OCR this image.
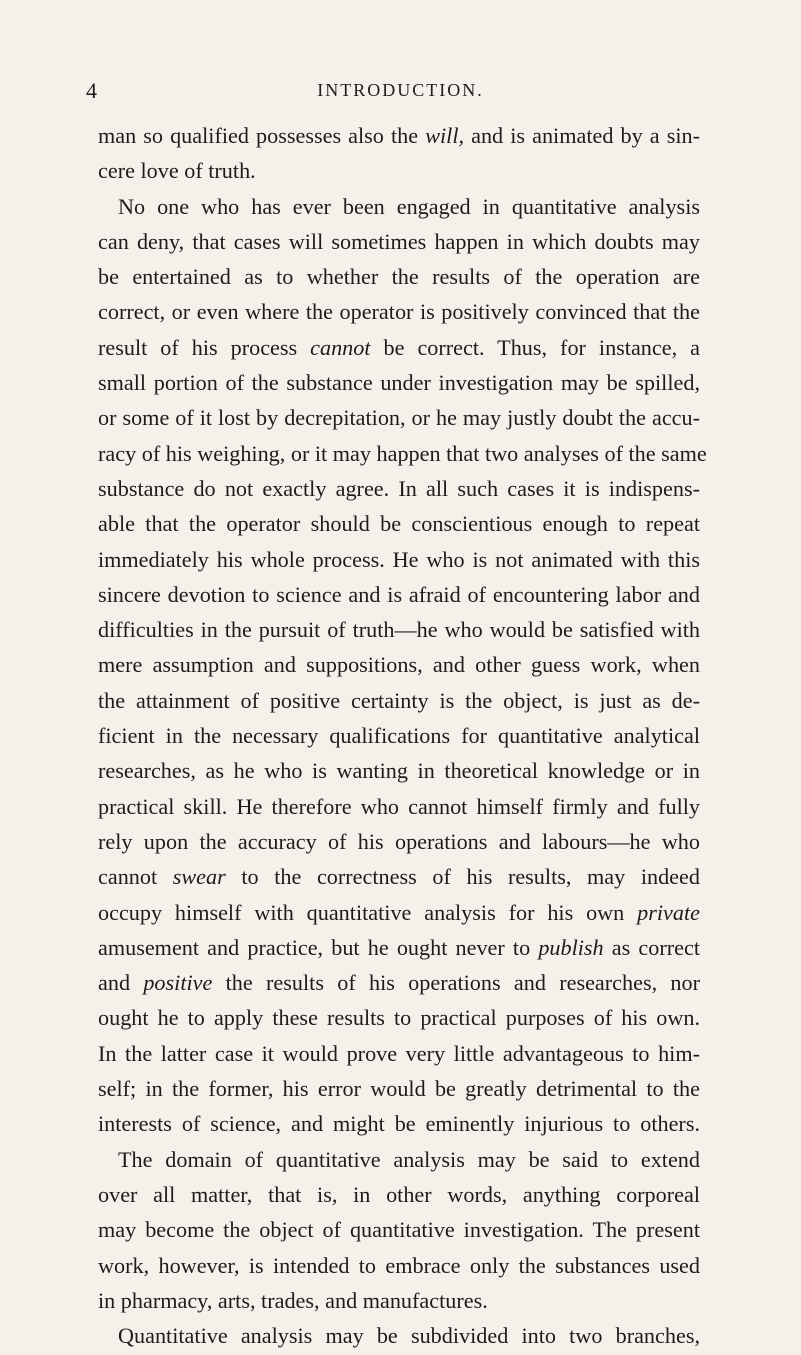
4	INTRODUCTION.
man so qualified possesses also the will, and is animated by a sin-
cere love of truth.
No one who has ever been engaged in quantitative analysis
can deny, that cases will sometimes happen in which doubts may
be entertained as to whether the results of the operation are
correct, or even where the operator is positively convinced that the
result of his process cannot be correct. Thus, for instance, a
small portion of the substance under investigation may be spilled,
or some of it lost by decrepitation, or he may justly doubt the accu-
racy of his weighing, or it may happen that two analyses of the same
substance do not exactly agree. In all such cases it is indispens-
able that the operator should be conscientious enough to repeat
immediately his whole process. He who is not animated with this
sincere devotion to science and is afraid of encountering labor and
difficulties in the pursuit of truth—he who would be satisfied with
mere assumption and suppositions, and other guess work, when
the attainment of positive certainty is the object, is just as de-
ficient in the necessary qualifications for quantitative analytical
researches, as he who is wanting in theoretical knowledge or in
practical skill. He therefore who cannot himself firmly and fully
rely upon the accuracy of his operations and labours—he who
cannot swear to the correctness of his results, may indeed
occupy himself with quantitative analysis for his own private
amusement and practice, but he ought never to publish as correct
and positive the results of his operations and researches, nor
ought he to apply these results to practical purposes of his own.
In the latter case it would prove very little advantageous to him-
self; in the former, his error would be greatly detrimental to the
interests of science, and might be eminently injurious to others.
The domain of quantitative analysis may be said to extend
over all matter, that is, in other words, anything corporeal
may become the object of quantitative investigation. The present
work, however, is intended to embrace only the substances used
in pharmacy, arts, trades, and manufactures.
Quantitative analysis may be subdivided into two branches,
